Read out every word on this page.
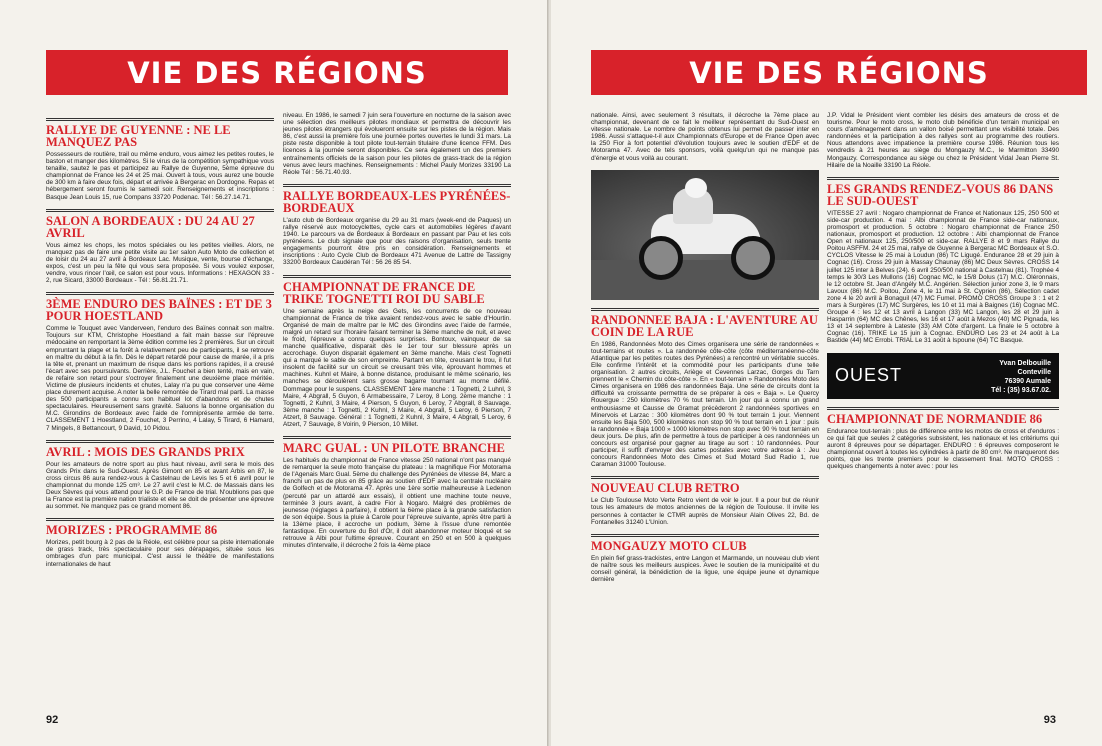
VIE DES RÉGIONS
RALLYE DE GUYENNE : NE LE MANQUEZ PAS

Possesseurs de routière, trail ou même enduro, vous aimez les petites routes, le baston et manger des kilomètres. Si le virus de la compétition sympathique vous tenaille, sautez le pas et participez au Rallye de Guyenne, 5ème épreuve du championnat de France les 24 et 25 mai. Ouvert à tous, vous aurez une boucle de 300 km à faire deux fois, départ et arrivée à Bergerac en Dordogne. Repas et hébergement seront fournis le samedi soir. Renseignements et inscriptions : Basque Jean Louis 15, rue Compans 33720 Podenac. Tél : 56.27.14.71.

SALON A BORDEAUX : DU 24 AU 27 AVRIL

Vous aimez les chops, les motos spéciales ou les petites vieilles. Alors, ne manquez pas de faire une petite visite au 1er salon Auto Moto de collection et de loisir du 24 au 27 avril à Bordeaux Lac. Musique, vente, bourse d'échange, expos, c'est un peu la fête qui vous sera proposée. Si vous voulez exposer, vendre, vous rincer l'œil, ce salon est pour vous. Informations : HEXAGON 33 - 2, rue Sicard, 33000 Bordeaux - Tél : 56.81.21.71.

3ÈME ENDURO DES BAÏNES : ET DE 3 POUR HOESTLAND

Comme le Touquet avec Vanderveen, l'enduro des Baïnes connait son maître. Toujours sur KTM, Christophe Hoestland a fait main basse sur l'épreuve médocaine en remportant la 3ème édition comme les 2 premières. Sur un circuit empruntant la plage et la forêt à relativement peu de participants, il se retrouve en maître du début à la fin. Dès le départ retardé pour cause de marée, il a pris la tête et, prenant un maximum de risque dans les portions rapides, il a creusé l'écart avec ses poursuivants. Derrière, J.L. Fouchet a bien tenté, mais en vain, de refaire son retard pour s'octroyer finalement une deuxième place méritée. Victime de plusieurs incidents et chutes, Lalay n'a pu que conserver une 4ème place durement acquise. A noter la belle remontée de Tirard mal parti. La masse des 500 participants a connu son habituel lot d'abandons et de chutes spectaculaires. Heureusement sans gravité. Saluons la bonne organisation du M.C. Girondins de Bordeaux avec l'aide de l'omniprésente armée de terre. CLASSEMENT 1 Hoestland, 2 Fouchet, 3 Perrino, 4 Lalay, 5 Tirard, 6 Hamard, 7 Mingels, 8 Bettancourt, 9 David, 10 Pidou.

AVRIL : MOIS DES GRANDS PRIX

Pour les amateurs de notre sport au plus haut niveau, avril sera le mois des Grands Prix dans le Sud-Ouest. Après Gimont en 85 et avant Arbis en 87, le cross circus 86 aura rendez-vous à Castelnau de Levis les 5 et 6 avril pour le championnat du monde 125 cm³. Le 27 avril c'est le M.C. de Massais dans les Deux Sèvres qui vous attend pour le G.P. de France de trial. N'oublions pas que la France est la première nation trialiste et elle se doit de présenter une épreuve au sommet. Ne manquez pas ce grand moment 86.

MORIZES : PROGRAMME 86

Morizes, petit bourg à 2 pas de la Réole, est célèbre pour sa piste internationale de grass track, très spectaculaire pour ses dérapages, située sous les ombrages d'un parc municipal. C'est aussi le théâtre de manifestations internationales de haut

niveau. En 1986, le samedi 7 juin sera l'ouverture en nocturne de la saison avec une sélection des meilleurs pilotes mondiaux et permettra de découvrir les jeunes pilotes étrangers qui évolueront ensuite sur les pistes de la région. Mais 86, c'est aussi la première fois une journée portes ouvertes le lundi 31 mars. La piste reste disponible à tout pilote tout-terrain titulaire d'une licence FFM. Des licences à la journée seront disponibles. Ce sera également un des premiers entraînements officiels de la saison pour les pilotes de grass-track de la région venus avec leurs machines. Renseignements : Michel Pauly Morizes 33190 La Réole Tél : 56.71.40.93.

RALLYE BORDEAUX-LES PYRÉNÉES-BORDEAUX

L'auto club de Bordeaux organise du 29 au 31 mars (week-end de Paques) un rallye réservé aux motocyclettes, cycle cars et automobiles légères d'avant 1940. Le parcours va de Bordeaux à Bordeaux en passant par Pau et les cols pyrénéens. Le club signale que pour des raisons d'organisation, seuls trente engagements pourront être pris en considération. Renseignements et inscriptions : Auto Cycle Club de Bordeaux 471 Avenue de Lattre de Tassigny 33200 Bordeaux Caudéran Tél : 56 26 85 54.

CHAMPIONNAT DE FRANCE DE TRIKE TOGNETTI ROI DU SABLE

Une semaine après la neige des Gets, les concurrents de ce nouveau championnat de France de trike avaient rendez-vous avec le sable d'Hourtin. Organisé de main de maître par le MC des Girondins avec l'aide de l'armée, malgré un retard sur l'horaire faisant terminer la 3ème manche de nuit, et avec le froid, l'épreuve a connu quelques surprises. Bontoux, vainqueur de sa manche qualificative, disparait dès le 1er tour sur blessure après un accrochage. Guyon disparait également en 3ème manche. Mais c'est Tognetti qui a marqué le sable de son empreinte. Partant en tête, creusant le trou, il fut insolent de facilité sur un circuit se creusant très vite, éprouvant hommes et machines. Kuhnl et Maire, à bonne distance, produisant le même scénario, les manches se déroulèrent sans grosse bagarre tournant au morne défilé. Dommage pour le suspens. CLASSEMENT 1ère manche : 1 Tognetti, 2 Luhnl, 3 Maire, 4 Abgrall, 5 Guyon, 6 Armabessaire, 7 Leroy, 8 Long. 2ème manche : 1 Tognetti, 2 Kuhnl, 3 Maire, 4 Pierson, 5 Guyon, 6 Leroy, 7 Abgrall, 8 Sauvage. 3ème manche : 1 Tognetti, 2 Kuhnl, 3 Maire, 4 Abgrall, 5 Leroy, 6 Pierson, 7 Atzert, 8 Sauvage. Général : 1 Tognetti, 2 Kuhnl, 3 Maire, 4 Abgrall, 5 Leroy, 6 Atzert, 7 Sauvage, 8 Voirin, 9 Pierson, 10 Millet.

MARC GUAL : UN PILOTE BRANCHE

Les habitués du championnat de France vitesse 250 national n'ont pas manqué de remarquer la seule moto française du plateau : la magnifique Fior Motorama de l'Agenais Marc Gual. 5ème du challenge des Pyrénées de vitesse 84, Marc a franchi un pas de plus en 85 grâce au soutien d'EDF avec la centrale nucléaire de Golfech et de Motorama 47. Après une 1ère sortie malheureuse à Ledenon (percuté par un attardé aux essais), il obtient une machine toute neuve, terminée 3 jours avant, à cadre Fior à Nogaro. Malgré des problèmes de jeunesse (réglages à parfaire), il obtient la 6ème place à la grande satisfaction de son équipe. Sous la pluie à Carole pour l'épreuve suivante, après être parti à la 13ème place, il accroche un podium, 3ème à l'issue d'une remontée fantastique. En ouverture du Bol d'Or, il doit abandonner moteur bloqué et se retrouve à Albi pour l'ultime épreuve. Courant en 250 et en 500 à quelques minutes d'intervalle, il décroche 2 fois la 4ème place

92
VIE DES RÉGIONS

nationale. Ainsi, avec seulement 3 résultats, il décroche la 7ème place au championnat, devenant de ce fait le meilleur représentant du Sud-Ouest en vitesse nationale. Le nombre de points obtenus lui permet de passer inter en 1986. Aussi s'attaque-t-il aux Championnats d'Europe et de France Open avec la 250 Fior à fort potentiel d'évolution toujours avec le soutien d'EDF et de Motorama 47. Avec de tels sponsors, voilà quelqu'un qui ne manque pas d'énergie et vous voilà au courant.

RANDONNEE BAJA : L'AVENTURE AU COIN DE LA RUE

En 1986, Randonnées Moto des Cimes organisera une série de randonnées « tout-terrains et routes ». La randonnée côte-côte (côte méditerranéenne-côte Atlantique par les petites routes des Pyrénées) a rencontré un véritable succès. Elle confirme l'intérêt et la commodité pour les participants d'une telle organisation. 2 autres circuits, Ariège et Cevennes Larzac, Gorges du Tarn prennent le « Chemin du côte-côte ». En « tout-terrain » Randonnées Moto des Cimes organisera en 1986 des randonnées Baja. Une série de circuits dont la difficulté va croissante permettra de se préparer à ces « Baja ». Le Quercy Rouergue : 250 kilomètres 70 % tout terrain. Un jour qui a connu un grand enthousiasme et Causse de Gramat précèderont 2 randonnées sportives en Minervois et Larzac : 300 kilomètres dont 90 % tout terrain 1 jour. Viennent ensuite les Baja 500, 500 kilomètres non stop 90 % tout terrain en 1 jour : puis la randonnée « Baja 1000 » 1000 kilomètres non stop avec 90 % tout terrain en deux jours. De plus, afin de permettre à tous de participer à ces randonnées un concours est organisé pour gagner au tirage au sort : 10 randonnées. Pour participer, il suffit d'envoyer des cartes postales avec votre adresse à : Jeu concours Randonnées Moto des Cimes et Sud Motard Sud Radio 1, rue Caraman 31000 Toulouse.

NOUVEAU CLUB RETRO

Le Club Toulouse Moto Verte Retro vient de voir le jour. Il a pour but de réunir tous les amateurs de motos anciennes de la région de Toulouse. Il invite les personnes à contacter le CTMR auprès de Monsieur Alain Olives 22, Bd. de Fontanelles 31240 L'Union.

MONGAUZY MOTO CLUB

En plein fief grass-trackistes, entre Langon et Marmande, un nouveau club vient de naître sous les meilleurs auspices. Avec le soutien de la municipalité et du conseil général, la bénédiction de la ligue, une équipe jeune et dynamique dernière

J.P. Vidal le Président vient combler les désirs des amateurs de cross et de tourisme. Pour le moto cross, le moto club bénéficie d'un terrain municipal en cours d'aménagement dans un vallon boisé permettant une visibilité totale. Des randonnées et la participation à des rallyes sont au programme des routiers. Nous attendons avec impatience la première course 1986. Réunion tous les vendredis à 21 heures au siège du Mongauzy M.C., le Marmitton 33490 Mongauzy. Correspondance au siège ou chez le Président Vidal Jean Pierre St. Hilaire de la Noaille 33190 La Réole.

LES GRANDS RENDEZ-VOUS 86 DANS LE SUD-OUEST

VITESSE 27 avril : Nogaro championnat de France et Nationaux 125, 250 500 et side-car production. 4 mai : Albi championnat de France side-car nationaux, promosport et production. 5 octobre : Nogaro championnat de France 250 nationaux, promosport et production. 12 octobre : Albi championnat de France Open et nationaux 125, 250/500 et side-car. RALLYE 8 et 9 mars Rallye du Poitou ASFFM. 24 et 25 mai, rallye de Guyenne à Bergerac MC Bordeaux et S.O. CYCLOS Vitesse le 25 mai à Loudun (86) TC Ligugé. Endurance 28 et 29 juin à Cognac (16). Cross 29 juin à Massay Chaunay (86) MC Deux Sèvres. CROSS 14 juillet 125 inter à Belves (24). 6 avril 250/500 national à Castelnau (81). Trophée 4 temps le 30/3 Les Mullons (16) Cognac MC, le 15/8 Dolus (17) M.C. Oléronnais, le 12 octobre St. Jean d'Angély M.C. Angérien. Sélection junior zone 3, le 9 mars Lavoux (86) M.C. Poitou, Zone 4, le 11 mai à St. Cyprien (86), Sélection cadet zone 4 le 20 avril à Bonaguil (47) MC Fumel. PROMO CROSS Groupe 3 : 1 et 2 mars à Surgères (17) MC Surgères, les 10 et 11 mai à Baignes (16) Cognac MC. Groupe 4 : les 12 et 13 avril à Langon (33) MC Langon, les 28 et 29 juin à Hasparrin (64) MC des Chênes, les 16 et 17 août à Mezos (40) MC Pignada, les 13 et 14 septembre à Lateste (33) AM Côte d'argent. La finale le 5 octobre à Cognac (16). TRIKE Le 15 juin à Cognac. ENDURO Les 23 et 24 août à La Bastide (44) MC Errobi. TRIAL Le 31 août à Ispoune (64) TC Basque.

OUEST
Yvan Delbouille
Conteville
76390 Aumale
Tél : (35) 93.67.02.
CHAMPIONNAT DE NORMANDIE 86

Endurance tout-terrain : plus de différence entre les motos de cross et d'enduros : ce qui fait que seules 2 catégories subsistent, les nationaux et les critériums qui auront 8 épreuves pour se départager. ENDURO : 6 épreuves composeront le championnat ouvert à toutes les cylindrées à partir de 80 cm³. Ne marqueront des points, que les trente premiers pour le classement final. MOTO CROSS : quelques changements à noter avec : pour les

93
